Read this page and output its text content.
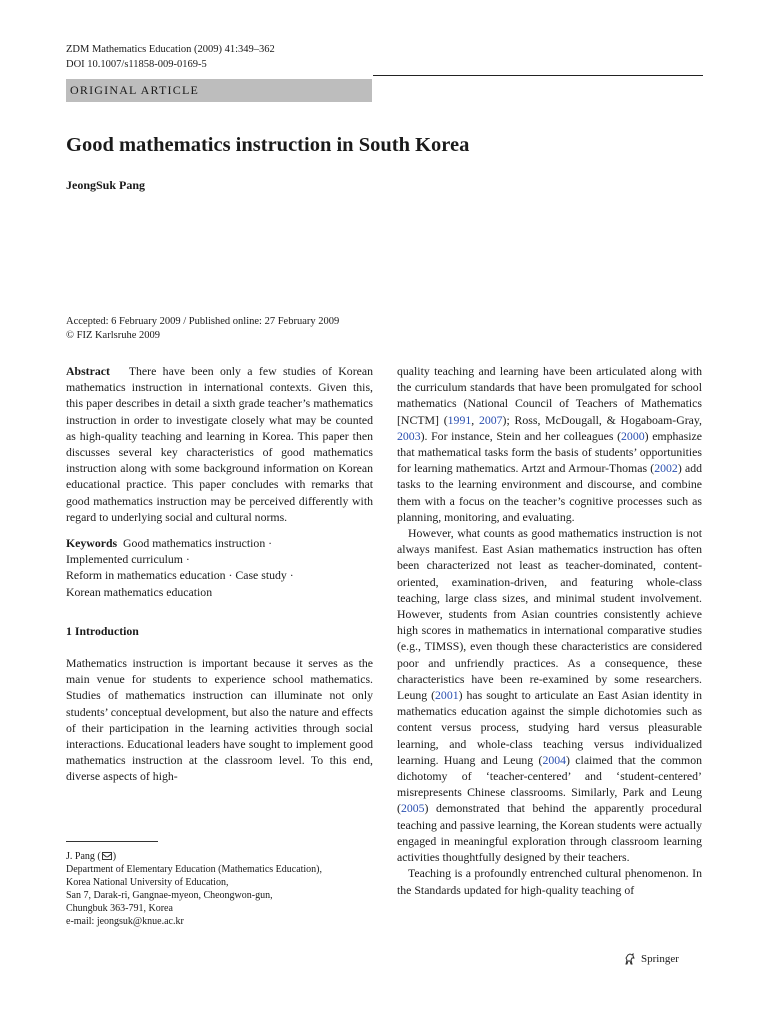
ZDM Mathematics Education (2009) 41:349–362
DOI 10.1007/s11858-009-0169-5
ORIGINAL ARTICLE
Good mathematics instruction in South Korea
JeongSuk Pang
Accepted: 6 February 2009 / Published online: 27 February 2009
© FIZ Karlsruhe 2009

Abstract There have been only a few studies of Korean mathematics instruction in international contexts. Given this, this paper describes in detail a sixth grade teacher’s mathematics instruction in order to investigate closely what may be counted as high-quality teaching and learning in Korea. This paper then discusses several key characteristics of good mathematics instruction along with some background information on Korean educational practice. This paper concludes with remarks that good mathematics instruction may be perceived differently with regard to underlying social and cultural norms.

Keywords Good mathematics instruction ·
Implemented curriculum ·
Reform in mathematics education · Case study ·
Korean mathematics education

1 Introduction

Mathematics instruction is important because it serves as the main venue for students to experience school mathematics. Studies of mathematics instruction can illuminate not only students’ conceptual development, but also the nature and effects of their participation in the learning activities through social interactions. Educational leaders have sought to implement good mathematics instruction at the classroom level. To this end, diverse aspects of high-

quality teaching and learning have been articulated along with the curriculum standards that have been promulgated for school mathematics (National Council of Teachers of Mathematics [NCTM] (1991, 2007); Ross, McDougall, & Hogaboam-Gray, 2003). For instance, Stein and her colleagues (2000) emphasize that mathematical tasks form the basis of students’ opportunities for learning mathematics. Artzt and Armour-Thomas (2002) add tasks to the learning environment and discourse, and combine them with a focus on the teacher’s cognitive processes such as planning, monitoring, and evaluating.

However, what counts as good mathematics instruction is not always manifest. East Asian mathematics instruction has often been characterized not least as teacher-dominated, content-oriented, examination-driven, and featuring whole-class teaching, large class sizes, and minimal student involvement. However, students from Asian countries consistently achieve high scores in mathematics in international comparative studies (e.g., TIMSS), even though these characteristics are considered poor and unfriendly practices. As a consequence, these characteristics have been re-examined by some researchers. Leung (2001) has sought to articulate an East Asian identity in mathematics education against the simple dichotomies such as content versus process, studying hard versus pleasurable learning, and whole-class teaching versus individualized learning. Huang and Leung (2004) claimed that the common dichotomy of ‘teacher-centered’ and ‘student-centered’ misrepresents Chinese classrooms. Similarly, Park and Leung (2005) demonstrated that behind the apparently procedural teaching and passive learning, the Korean students were actually engaged in meaningful exploration through classroom learning activities thoughtfully designed by their teachers.

Teaching is a profoundly entrenched cultural phenomenon. In the Standards updated for high-quality teaching of

J. Pang ( )
Department of Elementary Education (Mathematics Education),
Korea National University of Education,
San 7, Darak-ri, Gangnae-myeon, Cheongwon-gun,
Chungbuk 363-791, Korea
e-mail: jeongsuk@knue.ac.kr
Springer
